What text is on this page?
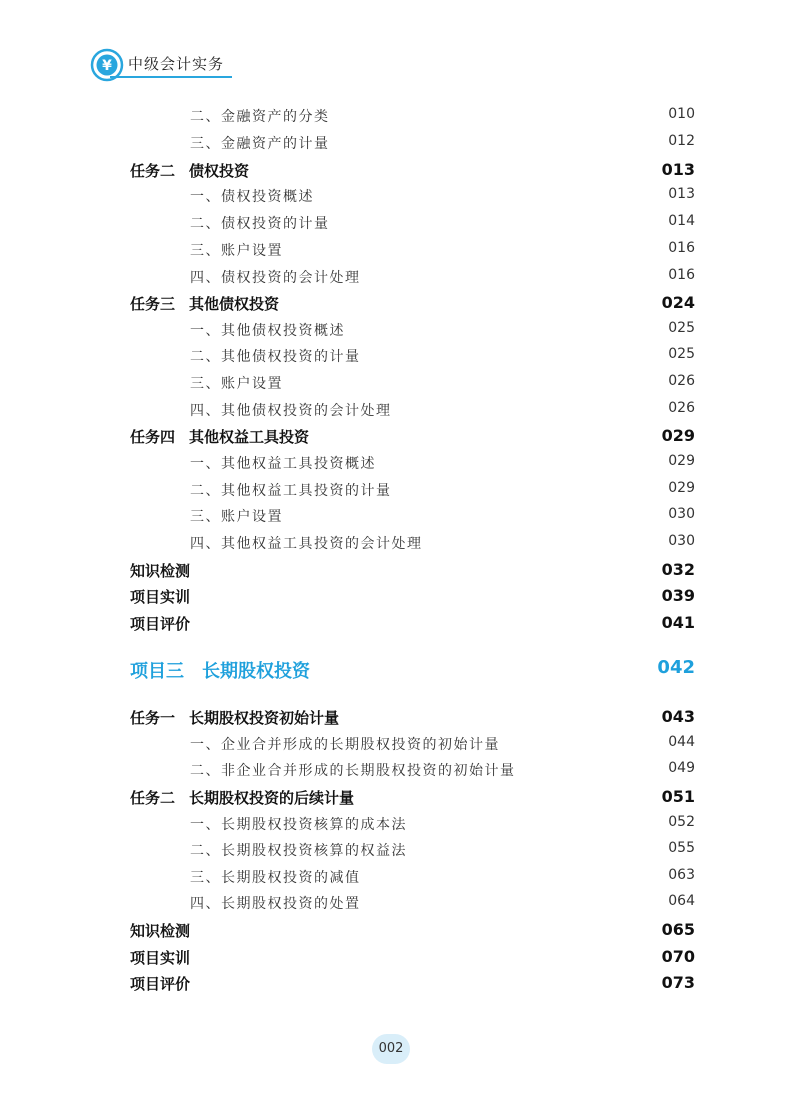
¥ 中级会计实务
二、金融资产的分类	010
三、金融资产的计量	012
任务二 债权投资	013
一、债权投资概述	013
二、债权投资的计量	014
三、账户设置	016
四、债权投资的会计处理	016
任务三 其他债权投资	024
一、其他债权投资概述	025
二、其他债权投资的计量	025
三、账户设置	026
四、其他债权投资的会计处理	026
任务四 其他权益工具投资	029
一、其他权益工具投资概述	029
二、其他权益工具投资的计量	029
三、账户设置	030
四、其他权益工具投资的会计处理	030
知识检测	032
项目实训	039
项目评价	041
项目三 长期股权投资	042
任务一 长期股权投资初始计量	043
一、企业合并形成的长期股权投资的初始计量	044
二、非企业合并形成的长期股权投资的初始计量	049
任务二 长期股权投资的后续计量	051
一、长期股权投资核算的成本法	052
二、长期股权投资核算的权益法	055
三、长期股权投资的减值	063
四、长期股权投资的处置	064
知识检测	065
项目实训	070
项目评价	073
002
